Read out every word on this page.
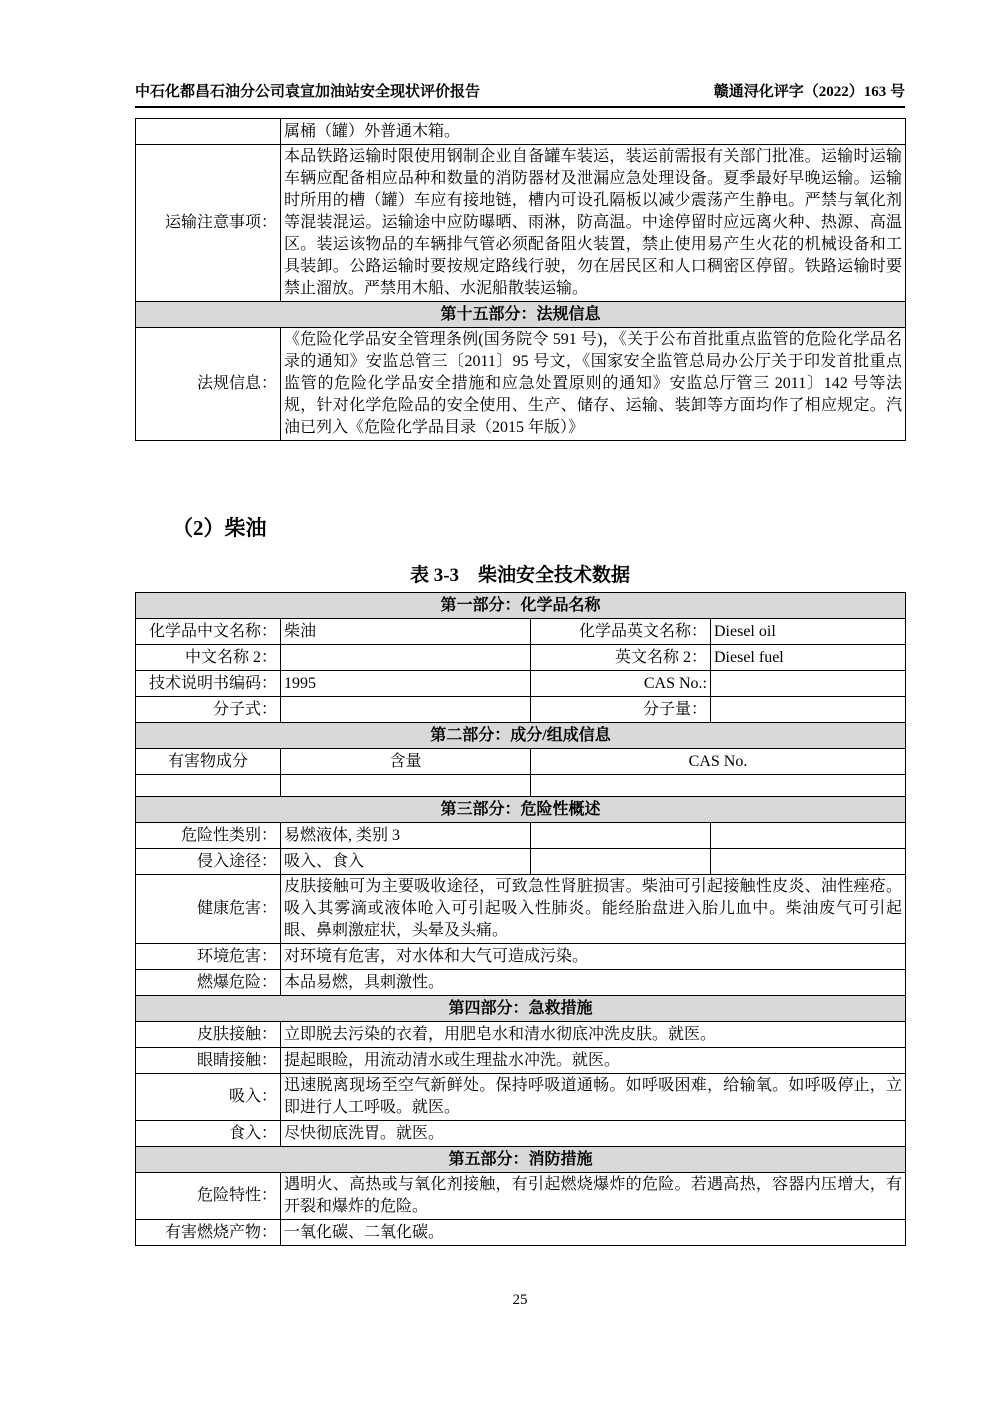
中石化都昌石油分公司袁宣加油站安全现状评价报告	赣通浔化评字（2022）163 号
	属桶（罐）外普通木箱。
运输注意事项：	本品铁路运输时限使用钢制企业自备罐车装运，装运前需报有关部门批准。运输时运输车辆应配备相应品种和数量的消防器材及泄漏应急处理设备。夏季最好早晚运输。运输时所用的槽（罐）车应有接地链，槽内可设孔隔板以减少震荡产生静电。严禁与氧化剂等混装混运。运输途中应防曝晒、雨淋，防高温。中途停留时应远离火种、热源、高温区。装运该物品的车辆排气管必须配备阻火装置，禁止使用易产生火花的机械设备和工具装卸。公路运输时要按规定路线行驶，勿在居民区和人口稠密区停留。铁路运输时要禁止溜放。严禁用木船、水泥船散装运输。
第十五部分：法规信息	
法规信息：	《危险化学品安全管理条例(国务院令 591 号)，《关于公布首批重点监管的危险化学品名录的通知》安监总管三〔2011〕95 号文，《国家安全监管总局办公厅关于印发首批重点监管的危险化学品安全措施和应急处置原则的通知》安监总厅管三 2011〕142 号等法规，针对化学危险品的安全使用、生产、储存、运输、装卸等方面均作了相应规定。汽油已列入《危险化学品目录（2015 年版）》
（2）柴油
表 3-3　柴油安全技术数据
第一部分：化学品名称			
化学品中文名称：	柴油	化学品英文名称：	Diesel oil
中文名称 2：		英文名称 2：	Diesel fuel
技术说明书编码：	1995	CAS No.:	
分子式：		分子量：	
第二部分：成分/组成信息			
有害物成分	含量	CAS No.	

第三部分：危险性概述			
危险性类别：	易燃液体, 类别 3		
侵入途径：	吸入、食入		
健康危害：	皮肤接触可为主要吸收途径，可致急性肾脏损害。柴油可引起接触性皮炎、油性痤疮。吸入其雾滴或液体呛入可引起吸入性肺炎。能经胎盘进入胎儿血中。柴油废气可引起眼、鼻刺激症状，头晕及头痛。		
环境危害：	对环境有危害，对水体和大气可造成污染。		
燃爆危险：	本品易燃，具刺激性。		
第四部分：急救措施			
皮肤接触：	立即脱去污染的衣着，用肥皂水和清水彻底冲洗皮肤。就医。		
眼睛接触：	提起眼睑，用流动清水或生理盐水冲洗。就医。		
吸入：	迅速脱离现场至空气新鲜处。保持呼吸道通畅。如呼吸困难，给输氧。如呼吸停止，立即进行人工呼吸。就医。		
食入：	尽快彻底洗胃。就医。		
第五部分：消防措施			
危险特性：	遇明火、高热或与氧化剂接触，有引起燃烧爆炸的危险。若遇高热，容器内压增大，有开裂和爆炸的危险。		
有害燃烧产物：	一氧化碳、二氧化碳。		
25
